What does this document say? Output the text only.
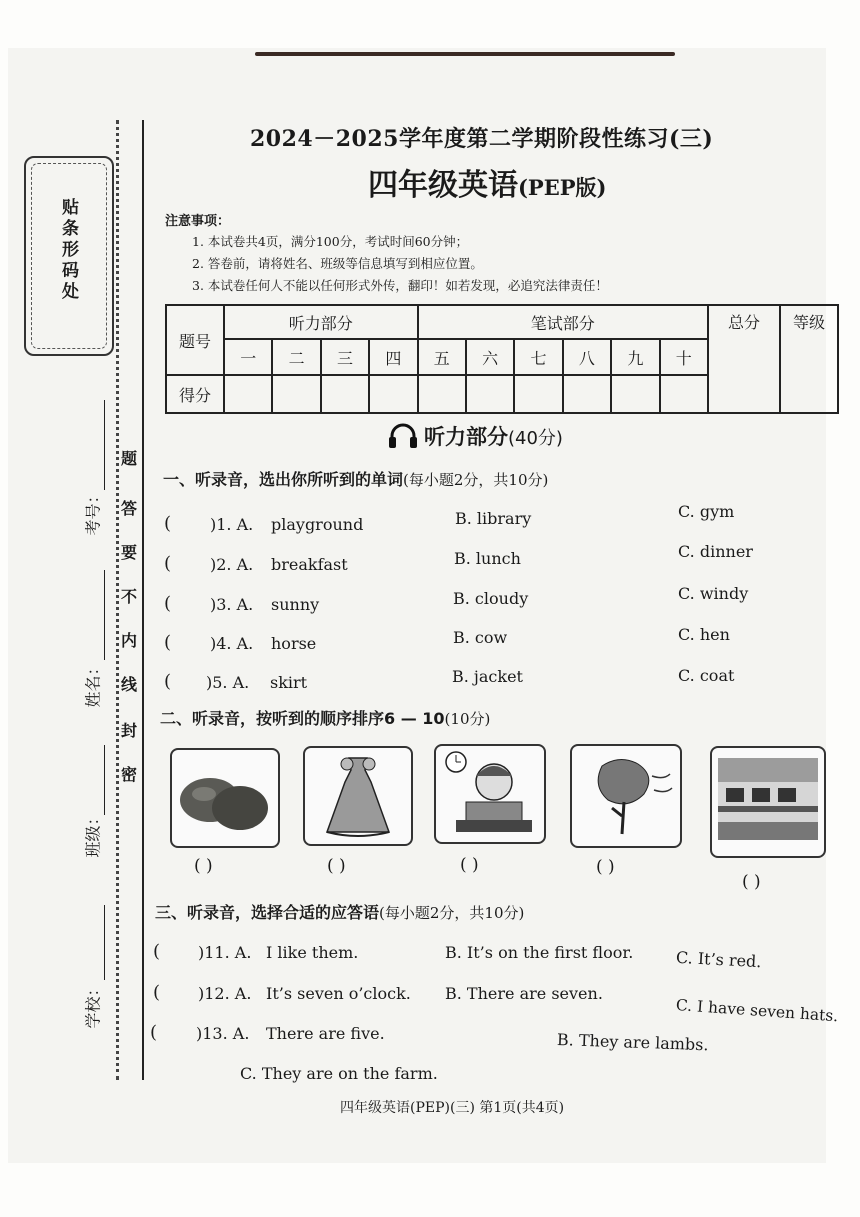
贴条形码处
考号：
姓名：
班级：
学校：
题
答
要
不
内
线
封
密
2024－2025学年度第二学期阶段性练习(三)
四年级英语(PEP版)
注意事项：
1. 本试卷共4页，满分100分，考试时间60分钟；
2. 答卷前，请将姓名、班级等信息填写到相应位置。
3. 本试卷任何人不能以任何形式外传，翻印！如若发现，必追究法律责任！
题号	听力部分				笔试部分						总分	等级
	一	二	三	四	五	六	七	八	九	十		
得分												
听力部分(40分)
一、听录音，选出你所听到的单词(每小题2分，共10分)
( )1. A. playground	B. library	C. gym
( )2. A. breakfast	B. lunch	C. dinner
( )3. A. sunny	B. cloudy	C. windy
( )4. A. horse	B. cow	C. hen
( )5. A. skirt	B. jacket	C. coat
二、听录音，按听到的顺序排序6 — 10(10分)
( )	( )	( )	( )
( )
三、听录音，选择合适的应答语(每小题2分，共10分)
( )11. A. I like them.	B. It’s on the first floor.	C. It’s red.
( )12. A. It’s seven o’clock. B. There are seven.
C. I have seven hats.
( )13. A. There are five.	B. They are lambs.
C. They are on the farm.
四年级英语(PEP)(三) 第1页(共4页)
